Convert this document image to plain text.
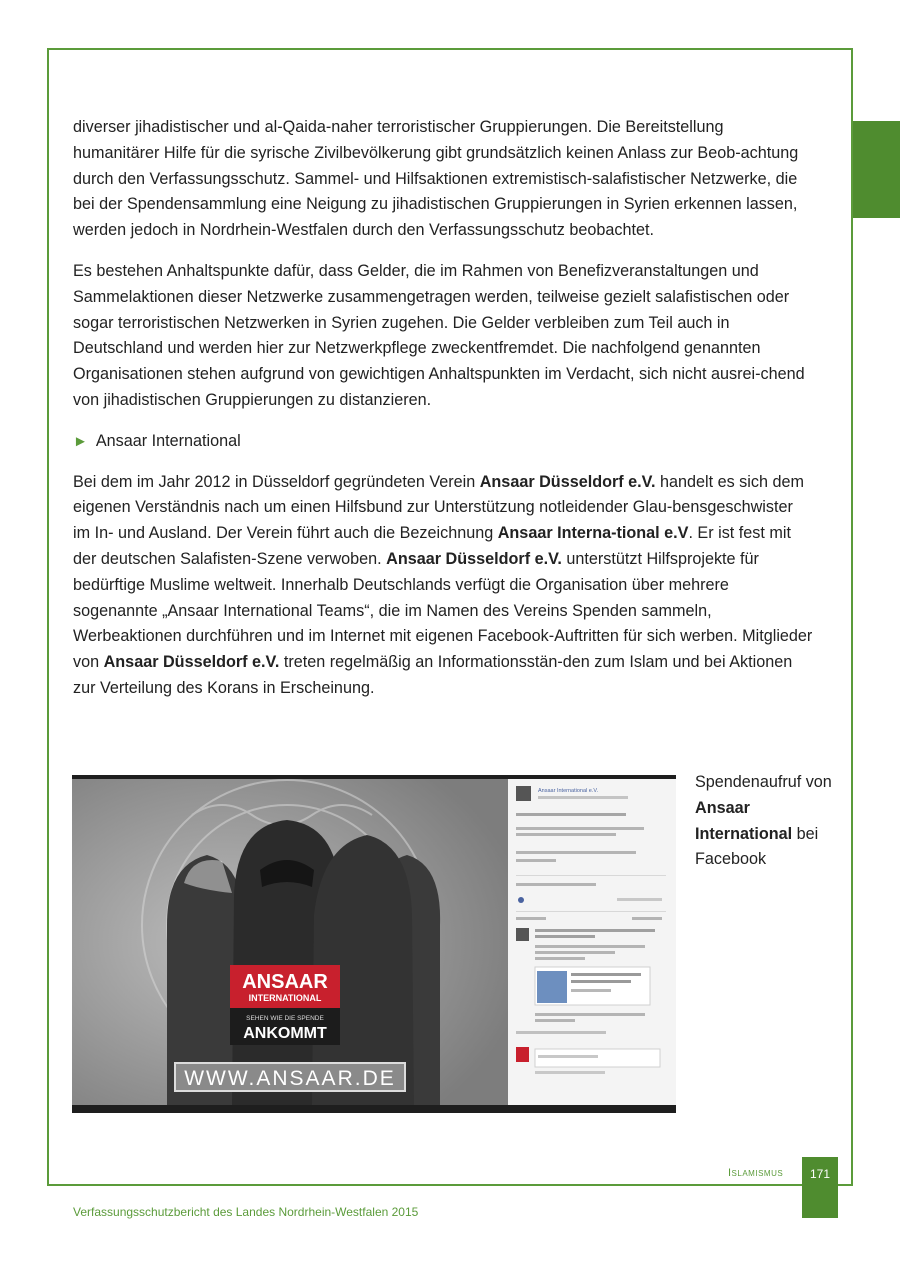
diverser jihadistischer und al-Qaida-naher terroristischer Gruppierungen. Die Bereitstellung humanitärer Hilfe für die syrische Zivilbevölkerung gibt grundsätzlich keinen Anlass zur Beob-achtung durch den Verfassungsschutz. Sammel- und Hilfsaktionen extremistisch-salafistischer Netzwerke, die bei der Spendensammlung eine Neigung zu jihadistischen Gruppierungen in Syrien erkennen lassen, werden jedoch in Nordrhein-Westfalen durch den Verfassungsschutz beobachtet.

Es bestehen Anhaltspunkte dafür, dass Gelder, die im Rahmen von Benefizveranstaltungen und Sammelaktionen dieser Netzwerke zusammengetragen werden, teilweise gezielt salafistischen oder sogar terroristischen Netzwerken in Syrien zugehen. Die Gelder verbleiben zum Teil auch in Deutschland und werden hier zur Netzwerkpflege zweckentfremdet. Die nachfolgend genannten Organisationen stehen aufgrund von gewichtigen Anhaltspunkten im Verdacht, sich nicht ausrei-chend von jihadistischen Gruppierungen zu distanzieren.

► Ansaar International

Bei dem im Jahr 2012 in Düsseldorf gegründeten Verein Ansaar Düsseldorf e.V. handelt es sich dem eigenen Verständnis nach um einen Hilfsbund zur Unterstützung notleidender Glau-bensgeschwister im In- und Ausland. Der Verein führt auch die Bezeichnung Ansaar Interna-tional e.V. Er ist fest mit der deutschen Salafisten-Szene verwoben. Ansaar Düsseldorf e.V. unterstützt Hilfsprojekte für bedürftige Muslime weltweit. Innerhalb Deutschlands verfügt die Organisation über mehrere sogenannte „Ansaar International Teams“, die im Namen des Vereins Spenden sammeln, Werbeaktionen durchführen und im Internet mit eigenen Facebook-Auftritten für sich werben. Mitglieder von Ansaar Düsseldorf e.V. treten regelmäßig an Informationsstän-den zum Islam und bei Aktionen zur Verteilung des Korans in Erscheinung.

ANSAAR
INTERNATIONAL
SEHEN WIE DIE SPENDE
ANKOMMT
WWW.ANSAAR.DE
Ansaar International e.V.	Spendenaufruf von Ansaar International bei Facebook
Islamismus	171
Verfassungsschutzbericht des Landes Nordrhein-Westfalen 2015
